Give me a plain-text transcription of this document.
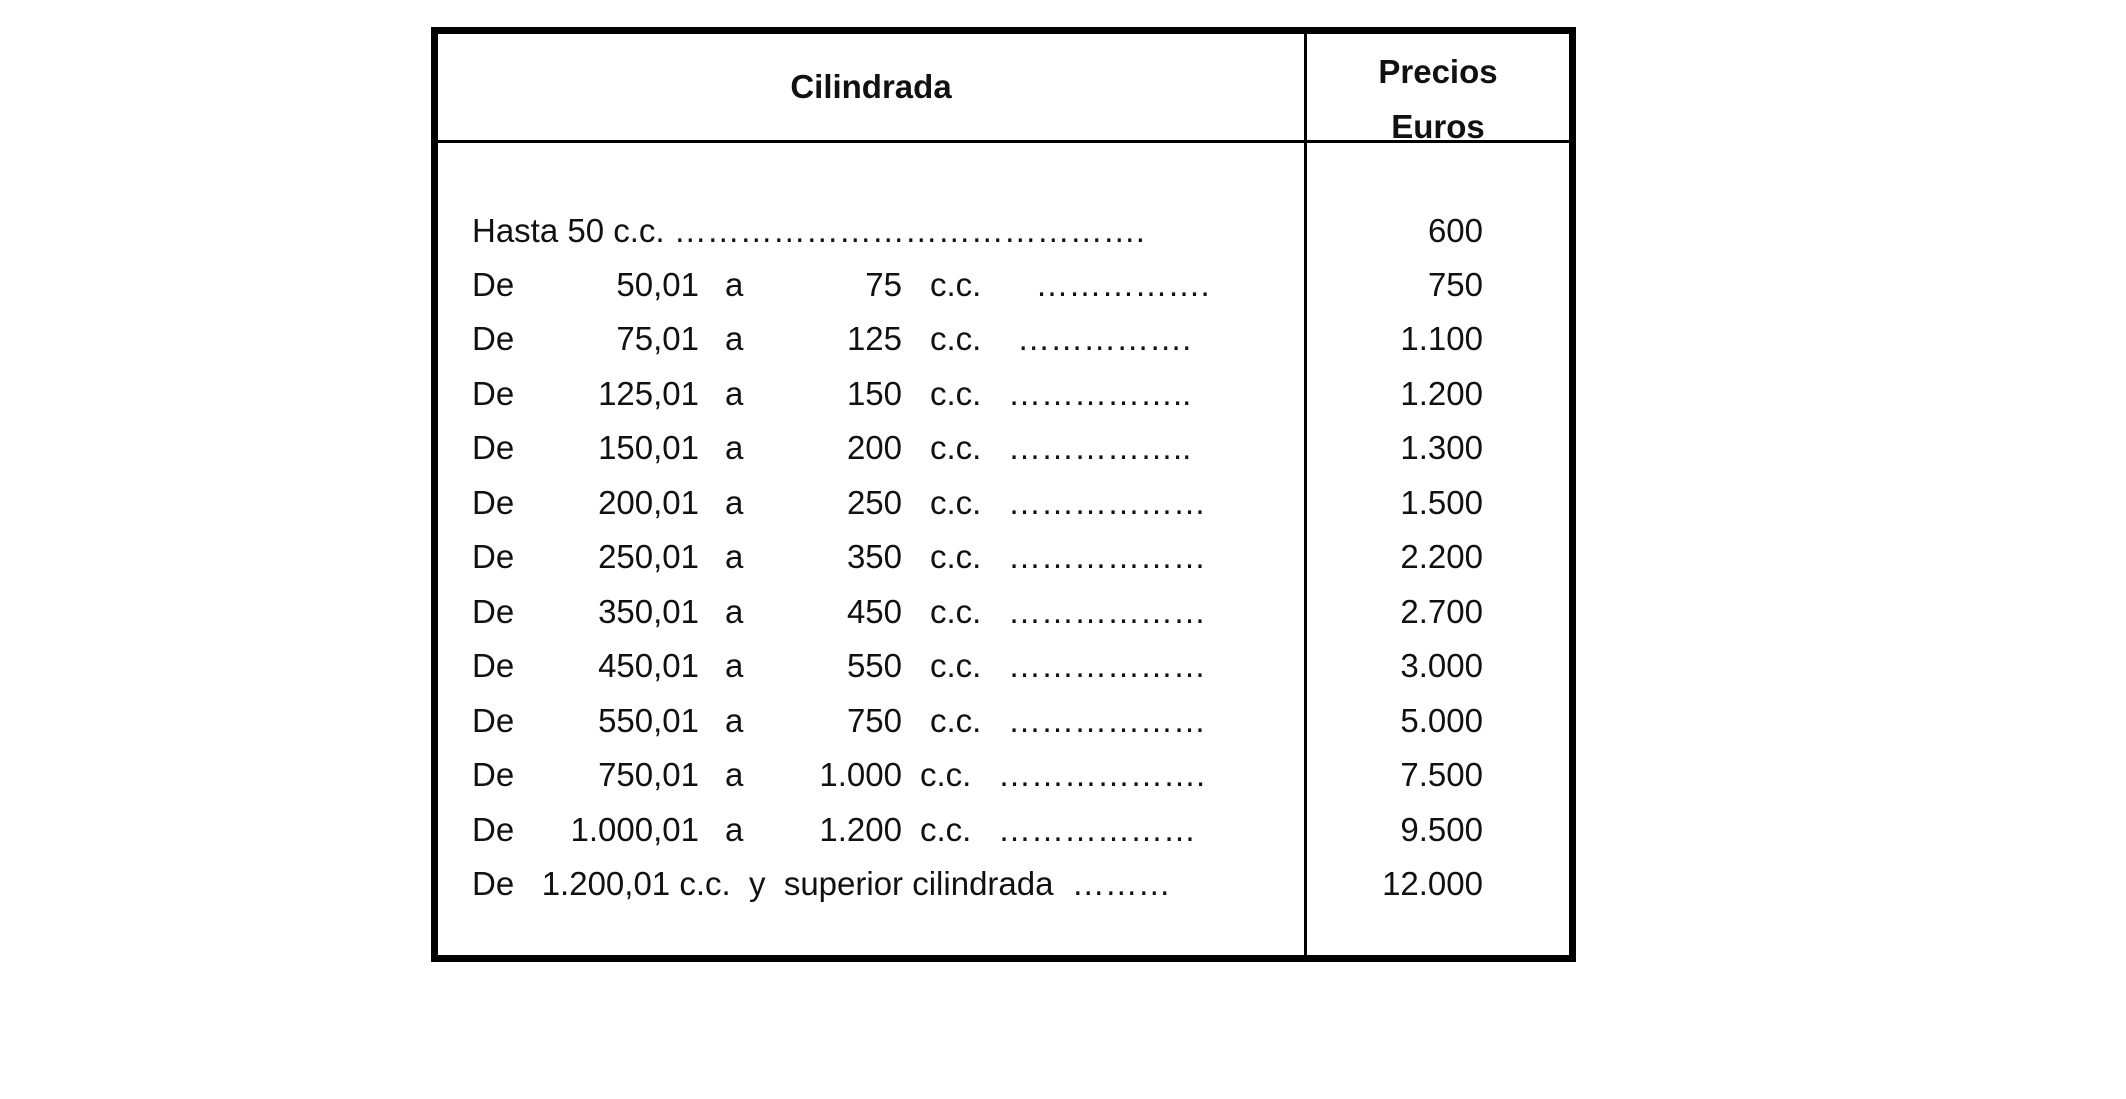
Cilindrada	Precios
Euros
Hasta 50 c.c. …………………………………….	600
De	50,01 a	75 c.c. …………….	750
De	75,01 a	125 c.c. …………….	1.100
De	125,01 a	150 c.c. ……………..	1.200
De	150,01 a	200 c.c. ……………..	1.300
De	200,01 a	250 c.c. ………………	1.500
De	250,01 a	350 c.c. ………………	2.200
De	350,01 a	450 c.c. ………………	2.700
De	450,01 a	550 c.c. ………………	3.000
De	550,01 a	750 c.c. ………………	5.000
De	750,01 a 1.000 c.c. ……………….	7.500
De 1.000,01 a 1.200 c.c. ………………	9.500
De   1.200,01 c.c.  y  superior cilindrada  ………	12.000
